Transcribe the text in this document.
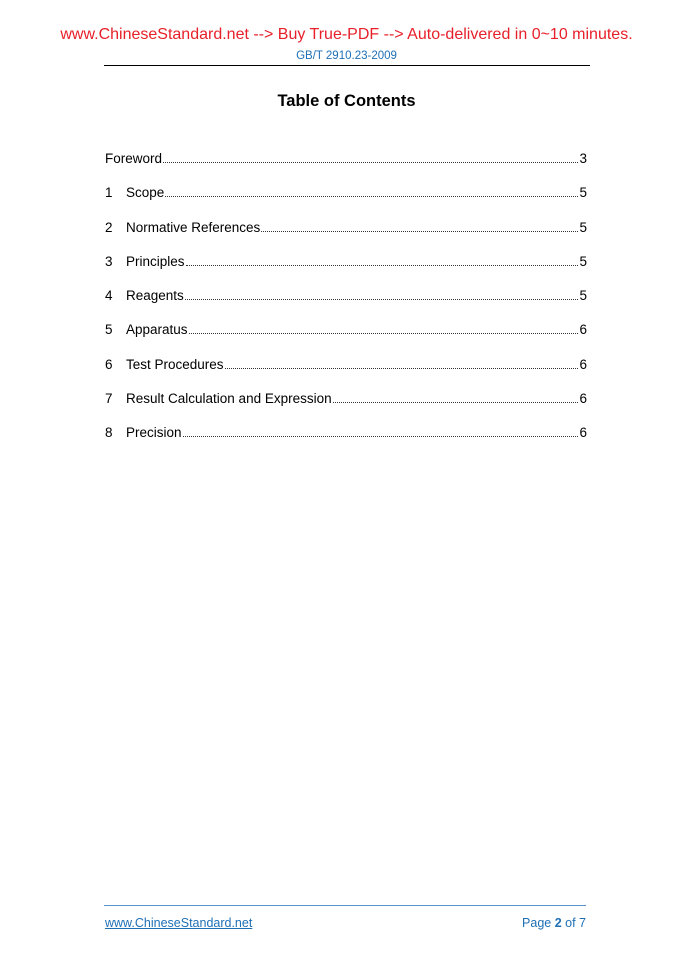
www.ChineseStandard.net --> Buy True-PDF --> Auto-delivered in 0~10 minutes.
GB/T 2910.23-2009
Table of Contents
Foreword	3
1 Scope	5
2 Normative References	5
3 Principles	5
4 Reagents	5
5 Apparatus	6
6 Test Procedures	6
7 Result Calculation and Expression	6
8 Precision	6
www.ChineseStandard.net	Page 2 of 7
